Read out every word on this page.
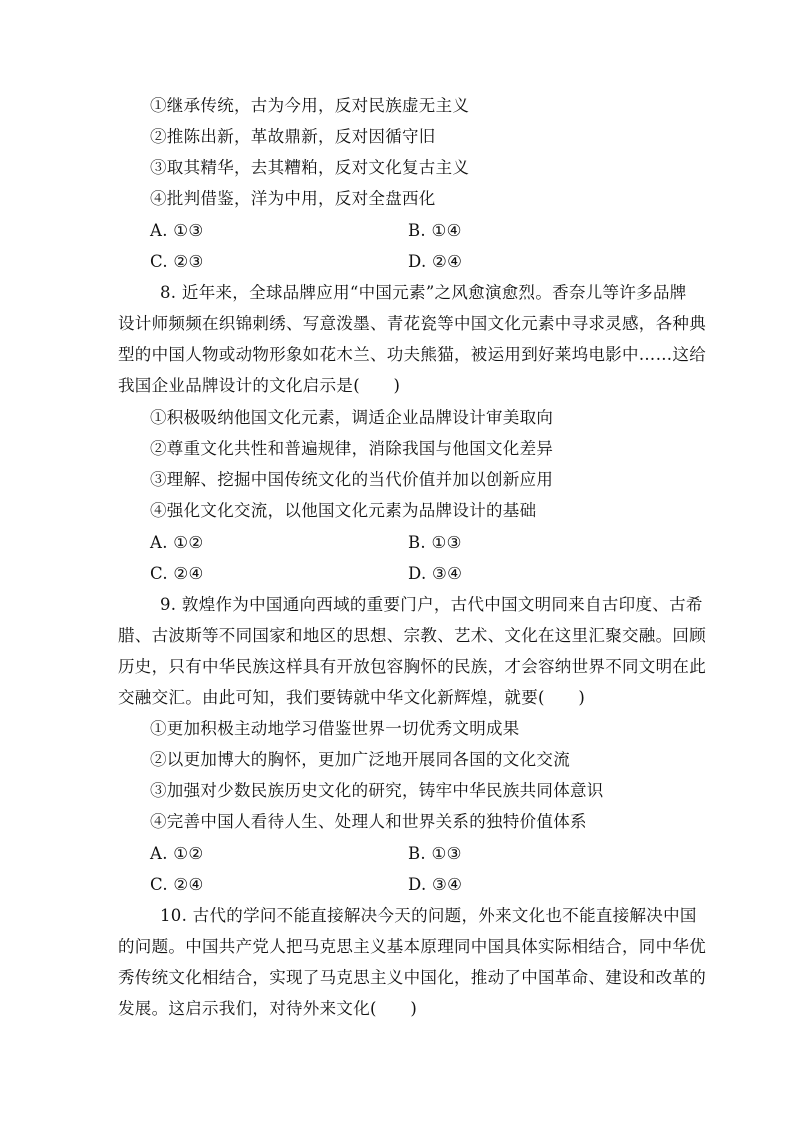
①继承传统，古为今用，反对民族虚无主义
②推陈出新，革故鼎新，反对因循守旧
③取其精华，去其糟粕，反对文化复古主义
④批判借鉴，洋为中用，反对全盘西化
A. ①③	B. ①④
C. ②③	D. ②④
8. 近年来，全球品牌应用“中国元素”之风愈演愈烈。香奈儿等许多品牌
设计师频频在织锦刺绣、写意泼墨、青花瓷等中国文化元素中寻求灵感，各种典
型的中国人物或动物形象如花木兰、功夫熊猫，被运用到好莱坞电影中……这给
我国企业品牌设计的文化启示是(　　)
①积极吸纳他国文化元素，调适企业品牌设计审美取向
②尊重文化共性和普遍规律，消除我国与他国文化差异
③理解、挖掘中国传统文化的当代价值并加以创新应用
④强化文化交流，以他国文化元素为品牌设计的基础
A. ①②	B. ①③
C. ②④	D. ③④
9. 敦煌作为中国通向西域的重要门户，古代中国文明同来自古印度、古希
腊、古波斯等不同国家和地区的思想、宗教、艺术、文化在这里汇聚交融。回顾
历史，只有中华民族这样具有开放包容胸怀的民族，才会容纳世界不同文明在此
交融交汇。由此可知，我们要铸就中华文化新辉煌，就要(　　)
①更加积极主动地学习借鉴世界一切优秀文明成果
②以更加博大的胸怀，更加广泛地开展同各国的文化交流
③加强对少数民族历史文化的研究，铸牢中华民族共同体意识
④完善中国人看待人生、处理人和世界关系的独特价值体系
A. ①②	B. ①③
C. ②④	D. ③④
10. 古代的学问不能直接解决今天的问题，外来文化也不能直接解决中国
的问题。中国共产党人把马克思主义基本原理同中国具体实际相结合，同中华优
秀传统文化相结合，实现了马克思主义中国化，推动了中国革命、建设和改革的
发展。这启示我们，对待外来文化(　　)
